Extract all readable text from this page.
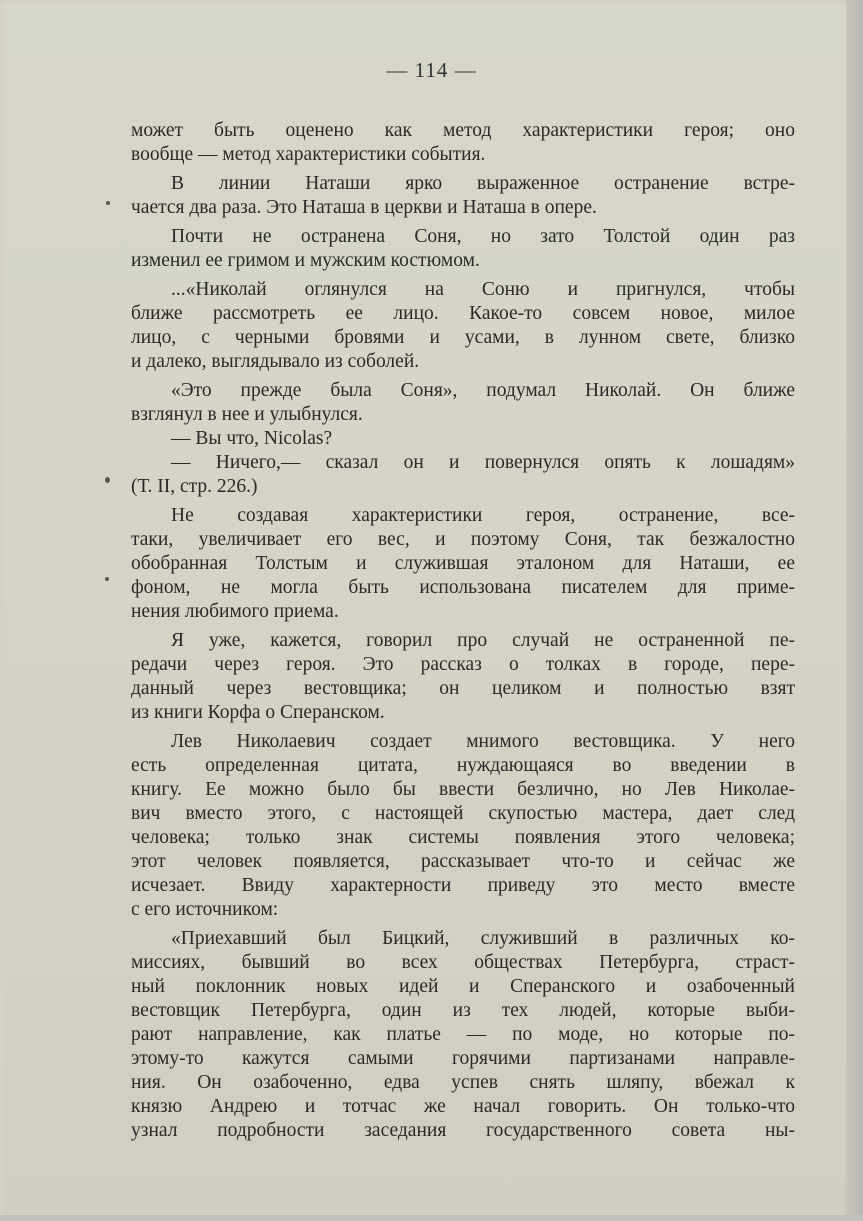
— 114 —
может быть оценено как метод характеристики героя; оно
вообще — метод характеристики события.
В линии Наташи ярко выраженное остранение встре-
чается два раза. Это Наташа в церкви и Наташа в опере.
Почти не остранена Соня, но зато Толстой один раз
изменил ее гримом и мужским костюмом.
...«Николай оглянулся на Соню и пригнулся, чтобы
ближе рассмотреть ее лицо. Какое-то совсем новое, милое
лицо, с черными бровями и усами, в лунном свете, близко
и далеко, выглядывало из соболей.
«Это прежде была Соня», подумал Николай. Он ближе
взглянул в нее и улыбнулся.
— Вы что, Nicolas?
— Ничего,— сказал он и повернулся опять к лошадям»
(Т. II, стр. 226.)
Не создавая характеристики героя, остранение, все-
таки, увеличивает его вес, и поэтому Соня, так безжалостно
обобранная Толстым и служившая эталоном для Наташи, ее
фоном, не могла быть использована писателем для приме-
нения любимого приема.
Я уже, кажется, говорил про случай не остраненной пе-
редачи через героя. Это рассказ о толках в городе, пере-
данный через вестовщика; он целиком и полностью взят
из книги Корфа о Сперанском.
Лев Николаевич создает мнимого вестовщика. У него
есть определенная цитата, нуждающаяся во введении в
книгу. Ее можно было бы ввести безлично, но Лев Николае-
вич вместо этого, с настоящей скупостью мастера, дает след
человека; только знак системы появления этого человека;
этот человек появляется, рассказывает что-то и сейчас же
исчезает. Ввиду характерности приведу это место вместе
с его источником:
«Приехавший был Бицкий, служивший в различных ко-
миссиях, бывший во всех обществах Петербурга, страст-
ный поклонник новых идей и Сперанского и озабоченный
вестовщик Петербурга, один из тех людей, которые выби-
рают направление, как платье — по моде, но которые по-
этому-то кажутся самыми горячими партизанами направле-
ния. Он озабоченно, едва успев снять шляпу, вбежал к
князю Андрею и тотчас же начал говорить. Он только-что
узнал подробности заседания государственного совета ны-
